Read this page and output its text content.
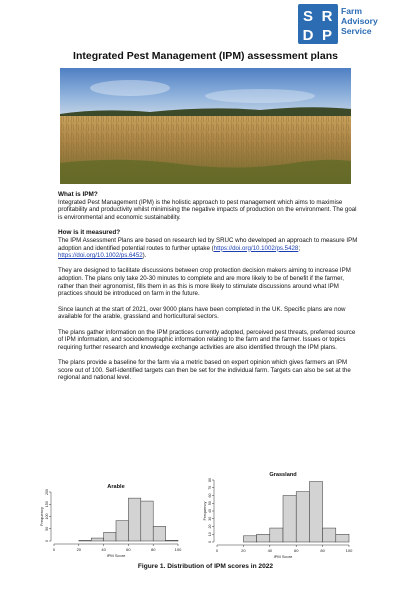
S R
D P
Farm
Advisory
Service
Integrated Pest Management (IPM) assessment plans
What is IPM?

Integrated Pest Management (IPM) is the holistic approach to pest management which aims to maximise profitability and productivity whilst minimising the negative impacts of production on the environment. The goal is environmental and economic sustainability.

How is it measured?

The IPM Assessment Plans are based on research led by SRUC who developed an approach to measure IPM adoption and identified potential routes to further uptake (https://doi.org/10.1002/ps.5428; https://doi.org/10.1002/ps.6452).

They are designed to facilitate discussions between crop protection decision makers aiming to increase IPM adoption. The plans only take 20-30 minutes to complete and are more likely to be of benefit if the farmer, rather than their agronomist, fills them in as this is more likely to stimulate discussions around what IPM practices should be introduced on farm in the future.

Since launch at the start of 2021, over 9000 plans have been completed in the UK. Specific plans are now available for the arable, grassland and horticultural sectors.

The plans gather information on the IPM practices currently adopted, perceived pest threats, preferred source of IPM information, and sociodemographic information relating to the farm and the farmer. Issues or topics requiring further research and knowledge exchange activities are also identified through the IPM plans.

The plans provide a baseline for the farm via a metric based on expert opinion which gives farmers an IPM score out of 100. Self-identified targets can then be set for the individual farm. Targets can also be set at the regional and national level.

Arable
0	20	40	60	80	100
IPM Score
0
50
100
150
200
Frequency
Grassland
0	20	40	60	80	100
IPM Score
0
10
20
30
40
50
60
70
80
Frequency
Figure 1. Distribution of IPM scores in 2022
